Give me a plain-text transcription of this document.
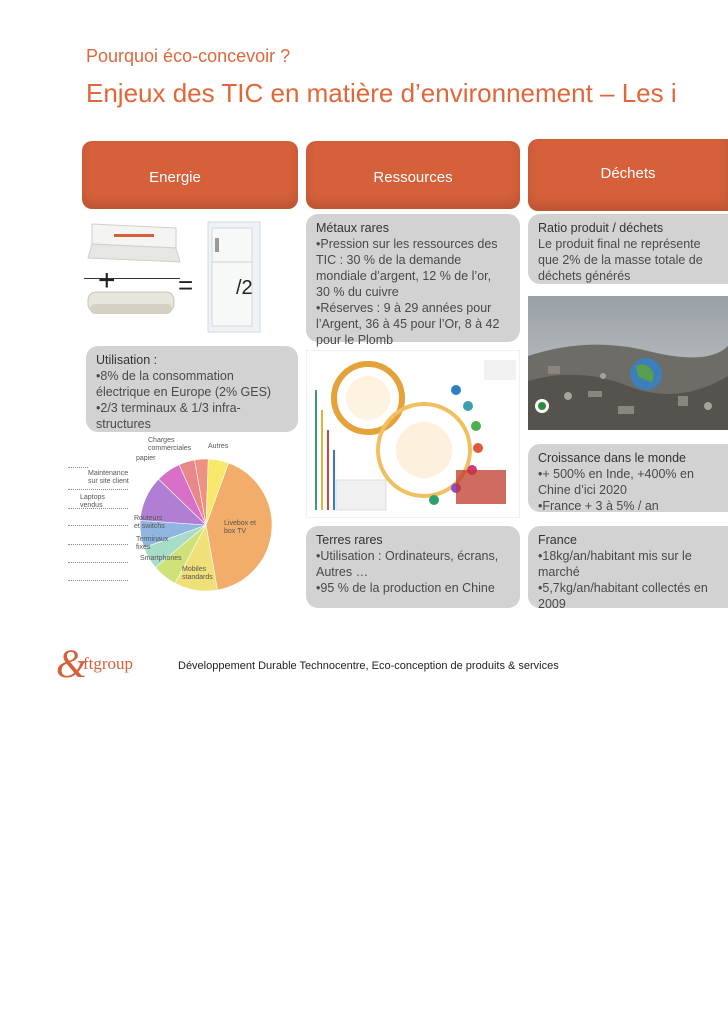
Pourquoi éco-concevoir ?
Enjeux des TIC en matière d’environnement – Les i
Energie	Ressources	Déchets
+ = /2
Utilisation :
•8% de la consommation
électrique en Europe (2% GES)
•2/3 terminaux & 1/3 infra-
structures
Charges
commerciales Autres
papier
Maintenance
sur site client
Laptops
vendus
Routeurs
et switchs
Terminaux
fixes
Smartphones
Mobiles
standards
Livebox et
box TV
Métaux rares
•Pression sur les ressources des
TIC : 30 % de la demande
mondiale d’argent, 12 % de l’or,
30 % du cuivre
•Réserves : 9 à 29 années pour
l’Argent, 36 à 45 pour l’Or, 8 à 42
pour le Plomb
Terres rares
•Utilisation : Ordinateurs, écrans,
Autres …
•95 % de la production en Chine
Ratio produit / déchets
Le produit final ne représente
que 2% de la masse totale de
déchets générés
Croissance dans le monde
•+ 500% en Inde, +400% en
Chine d’ici 2020
•France + 3 à 5% / an
France
•18kg/an/habitant mis sur le
marché
•5,7kg/an/habitant collectés en
2009
&
ftgroup	Développement Durable Technocentre, Eco-conception de produits & services
